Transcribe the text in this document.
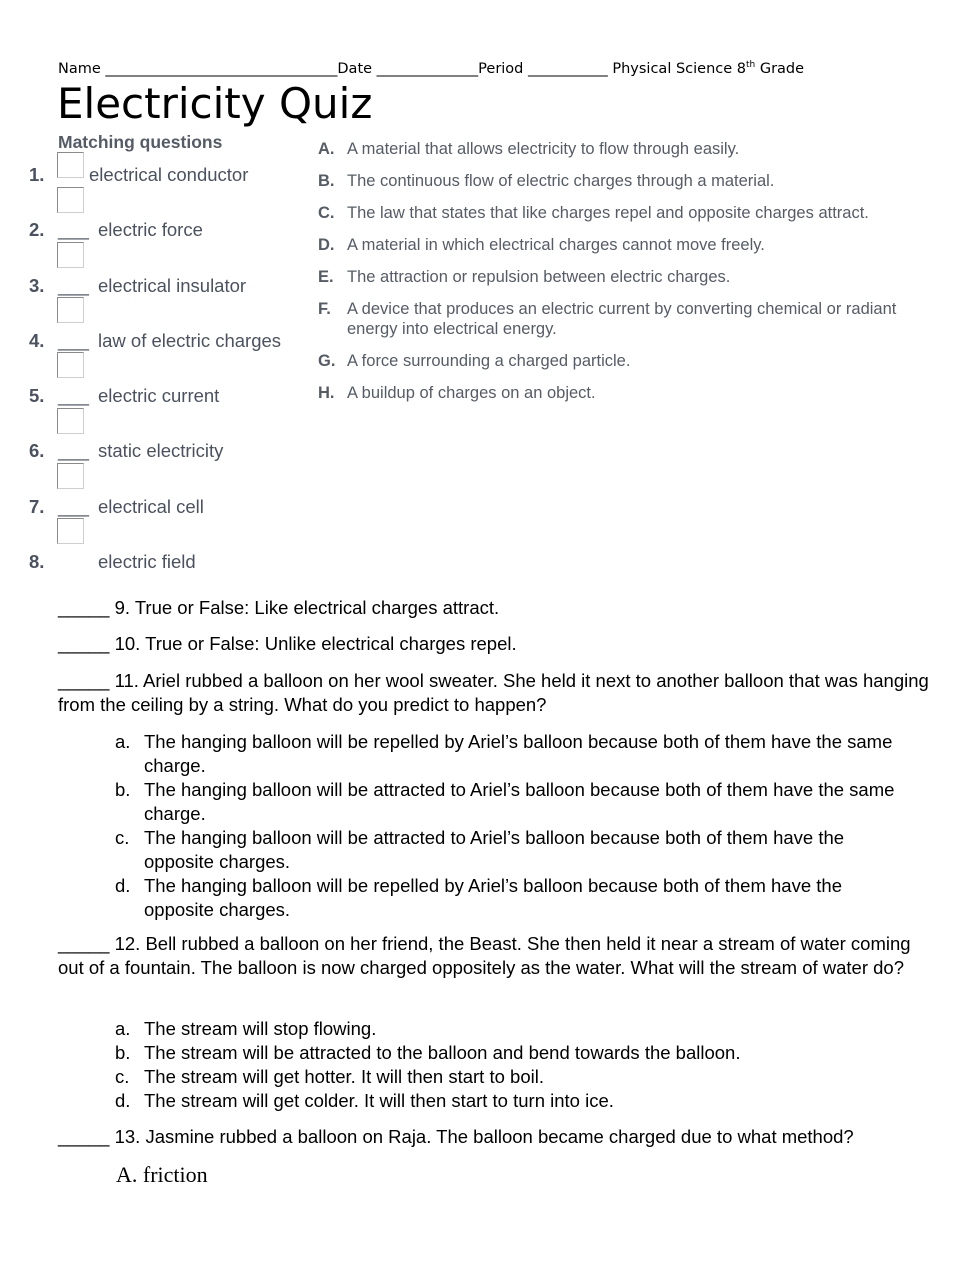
Name ________________________________Date ______________Period ___________ Physical Science 8th Grade
Electricity Quiz
Matching questions
1. electrical conductor
2. ___ electric force
3. ___ electrical insulator
4. ___ law of electric charges
5. ___ electric current
6. ___ static electricity
7. ___ electrical cell
8.	electric field
A. A material that allows electricity to flow through easily.
B. The continuous flow of electric charges through a material.
C. The law that states that like charges repel and opposite charges attract.
D. A material in which electrical charges cannot move freely.
E. The attraction or repulsion between electric charges.
F. A device that produces an electric current by converting chemical or radiant energy into electrical energy.
G. A force surrounding a charged particle.
H. A buildup of charges on an object.
_____ 9. True or False: Like electrical charges attract.
_____ 10. True or False: Unlike electrical charges repel.
_____ 11. Ariel rubbed a balloon on her wool sweater. She held it next to another balloon that was hanging from the ceiling by a string. What do you predict to happen?
a. The hanging balloon will be repelled by Ariel’s balloon because both of them have the same charge.
b. The hanging balloon will be attracted to Ariel’s balloon because both of them have the same charge.
c. The hanging balloon will be attracted to Ariel’s balloon because both of them have the opposite charges.
d. The hanging balloon will be repelled by Ariel’s balloon because both of them have the opposite charges.
_____ 12. Bell rubbed a balloon on her friend, the Beast. She then held it near a stream of water coming out of a fountain. The balloon is now charged oppositely as the water. What will the stream of water do?
a. The stream will stop flowing.
b. The stream will be attracted to the balloon and bend towards the balloon.
c. The stream will get hotter. It will then start to boil.
d. The stream will get colder. It will then start to turn into ice.
_____ 13. Jasmine rubbed a balloon on Raja. The balloon became charged due to what method?
A. friction
